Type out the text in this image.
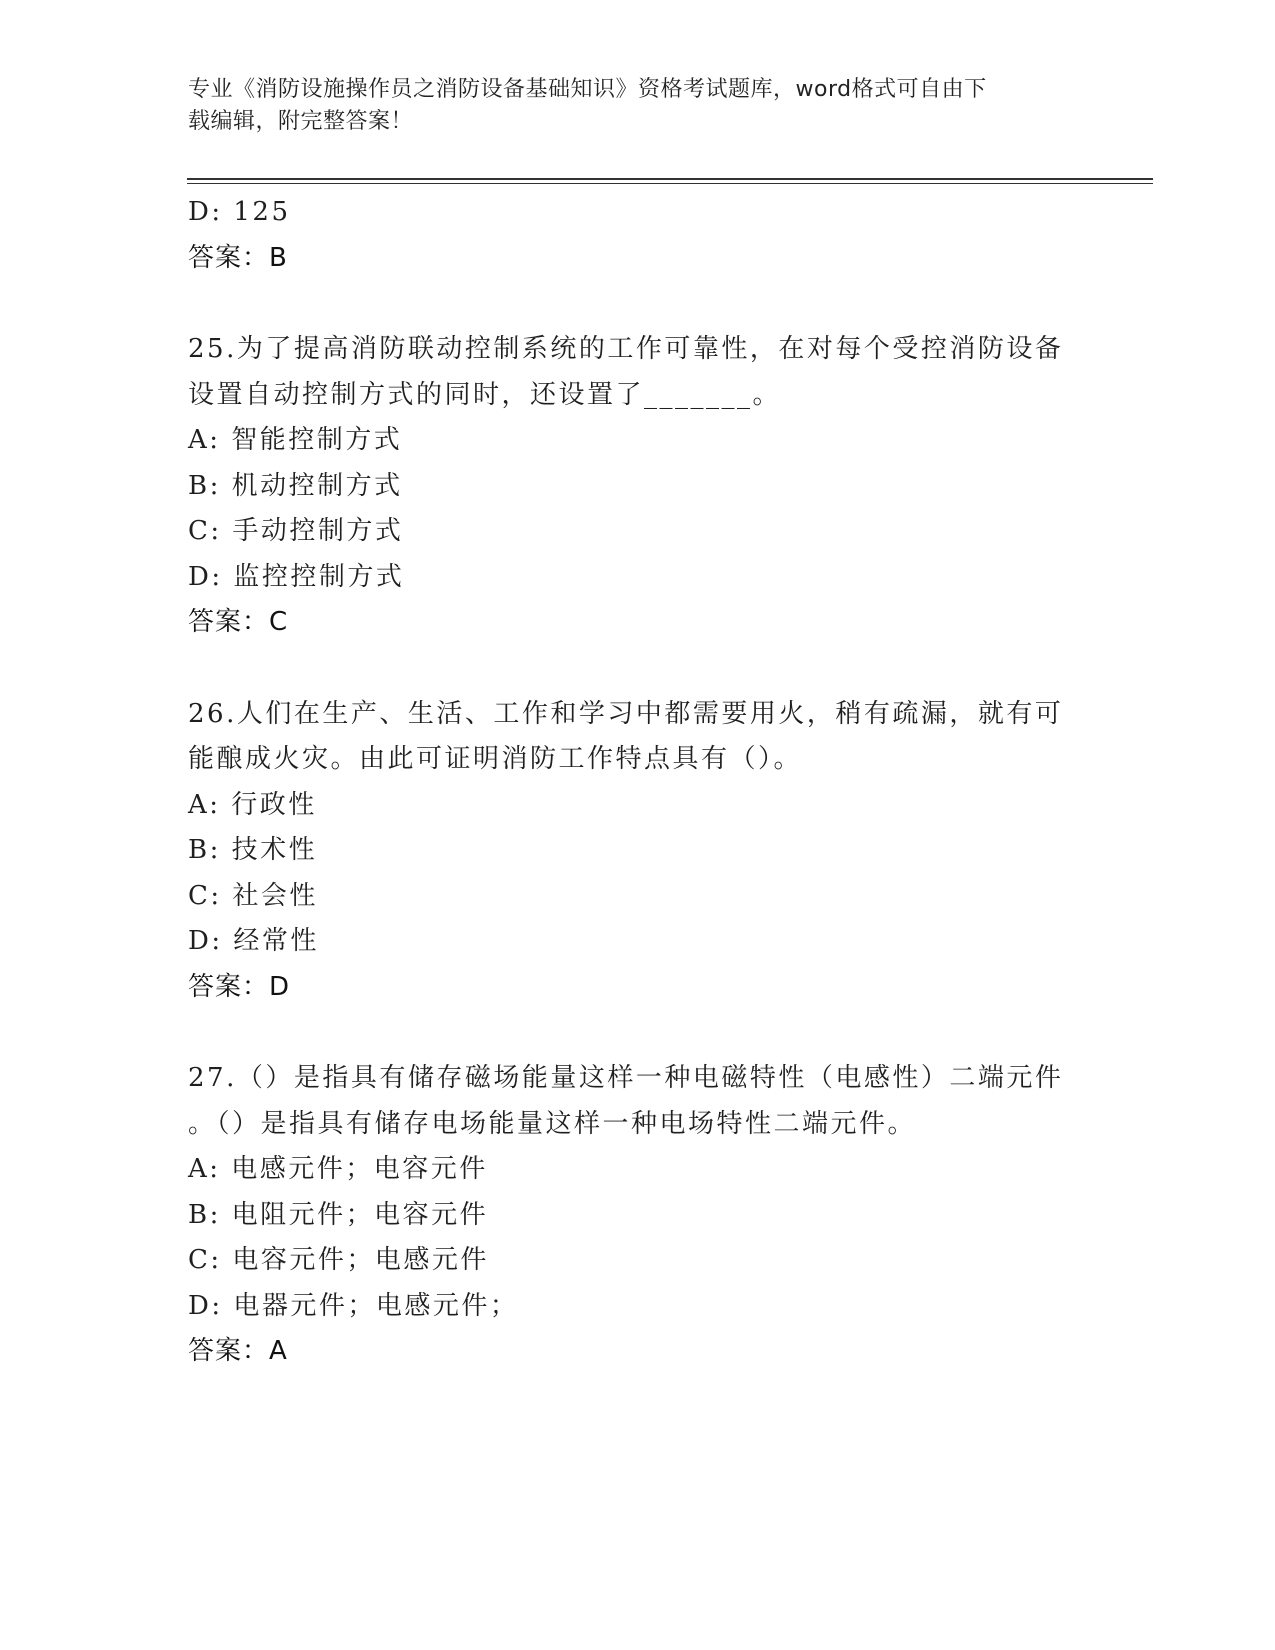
专业《消防设施操作员之消防设备基础知识》资格考试题库，word格式可自由下
载编辑，附完整答案！
D: 125
答案：B
25.为了提高消防联动控制系统的工作可靠性，在对每个受控消防设备
设置自动控制方式的同时，还设置了_______。
A: 智能控制方式
B: 机动控制方式
C: 手动控制方式
D: 监控控制方式
答案：C
26.人们在生产、生活、工作和学习中都需要用火，稍有疏漏，就有可
能酿成火灾。由此可证明消防工作特点具有（）。
A: 行政性
B: 技术性
C: 社会性
D: 经常性
答案：D
27.（）是指具有储存磁场能量这样一种电磁特性（电感性）二端元件
。（）是指具有储存电场能量这样一种电场特性二端元件。
A: 电感元件；电容元件
B: 电阻元件；电容元件
C: 电容元件；电感元件
D: 电器元件；电感元件；
答案：A
